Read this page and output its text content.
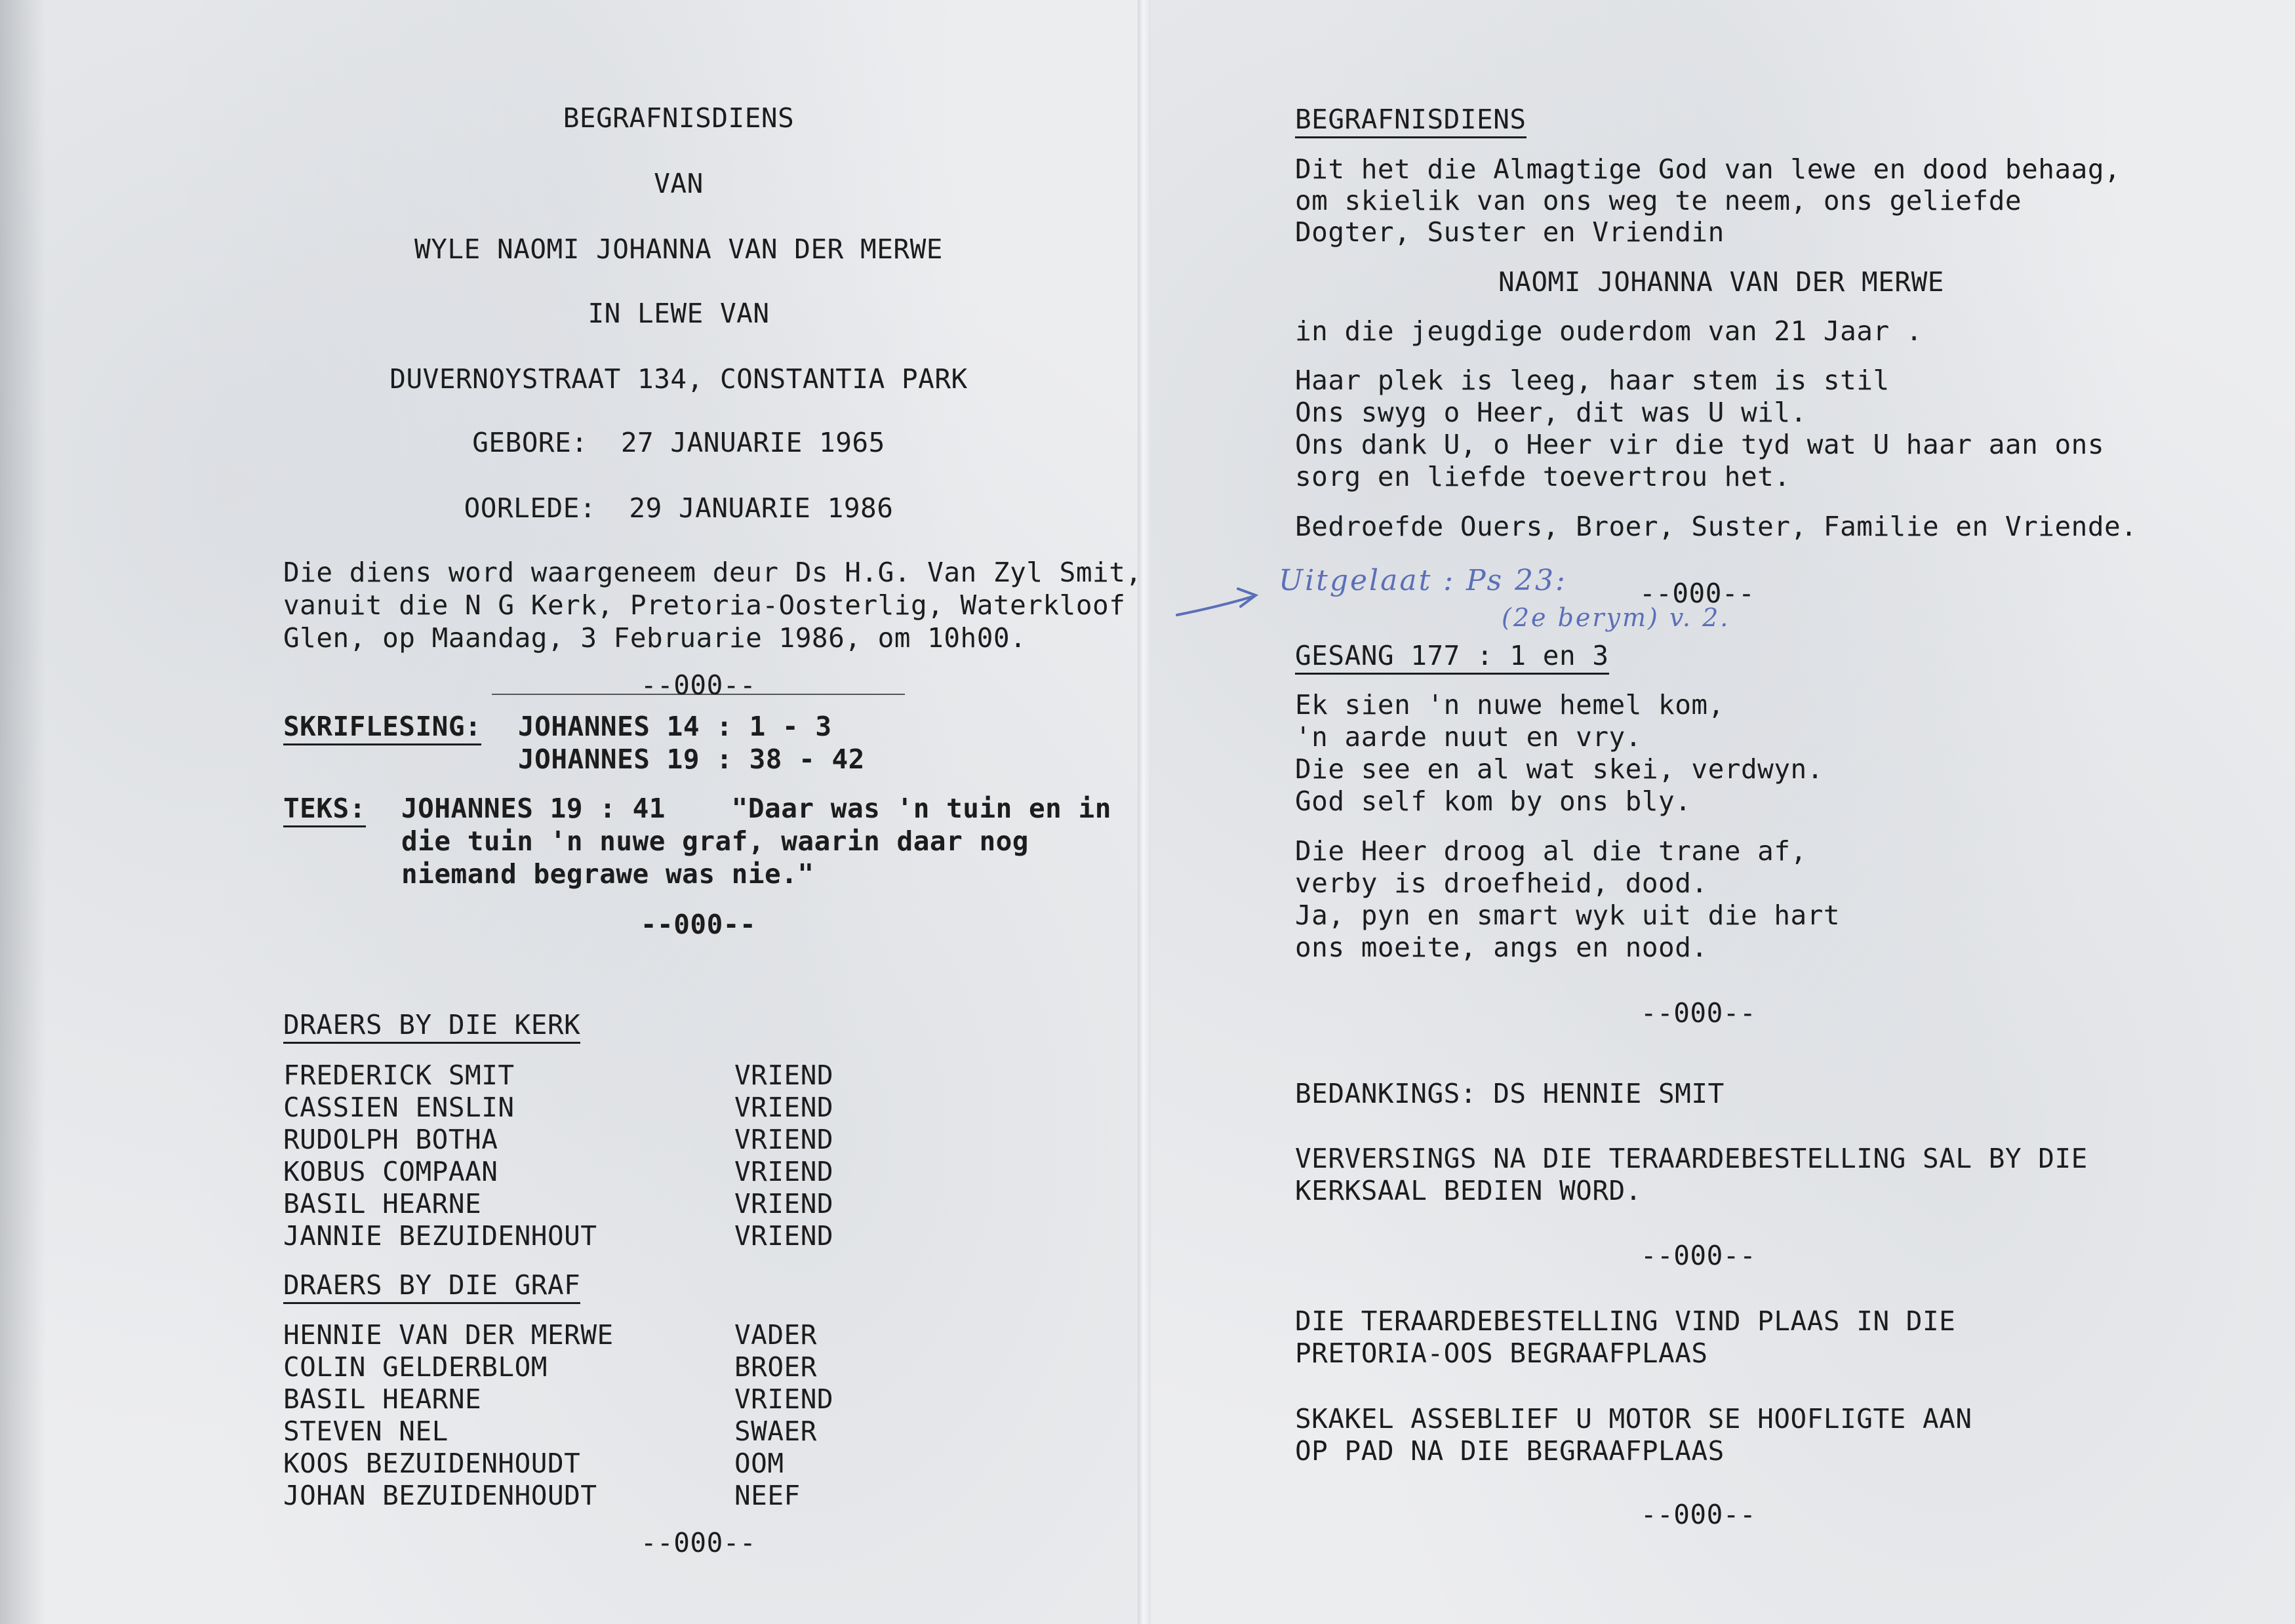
BEGRAFNISDIENS
VAN
WYLE NAOMI JOHANNA VAN DER MERWE
IN LEWE VAN
DUVERNOYSTRAAT 134, CONSTANTIA PARK
GEBORE:  27 JANUARIE 1965
OORLEDE:  29 JANUARIE 1986
Die diens word waargeneem deur Ds H.G. Van Zyl Smit,
vanuit die N G Kerk, Pretoria-Oosterlig, Waterkloof
Glen, op Maandag, 3 Februarie 1986, om 10h00.
--000--
SKRIFLESING: JOHANNES 14 : 1 - 3
JOHANNES 19 : 38 - 42
TEKS: JOHANNES 19 : 41    "Daar was 'n tuin en in
die tuin 'n nuwe graf, waarin daar nog
niemand begrawe was nie."
--000--
DRAERS BY DIE KERK
FREDERICK SMIT	VRIEND
CASSIEN ENSLIN	VRIEND
RUDOLPH BOTHA	VRIEND
KOBUS COMPAAN	VRIEND
BASIL HEARNE	VRIEND
JANNIE BEZUIDENHOUT	VRIEND
DRAERS BY DIE GRAF
HENNIE VAN DER MERWE	VADER
COLIN GELDERBLOM	BROER
BASIL HEARNE	VRIEND
STEVEN NEL	SWAER
KOOS BEZUIDENHOUDT	OOM
JOHAN BEZUIDENHOUDT	NEEF
--000--
BEGRAFNISDIENS
Dit het die Almagtige God van lewe en dood behaag,
om skielik van ons weg te neem, ons geliefde
Dogter, Suster en Vriendin
NAOMI JOHANNA VAN DER MERWE
in die jeugdige ouderdom van 21 Jaar .
Haar plek is leeg, haar stem is stil
Ons swyg o Heer, dit was U wil.
Ons dank U, o Heer vir die tyd wat U haar aan ons
sorg en liefde toevertrou het.
Bedroefde Ouers, Broer, Suster, Familie en Vriende.
Uitgelaat : Ps 23:
(2e berym) v. 2.
--000--
GESANG 177 : 1 en 3
Ek sien 'n nuwe hemel kom,
'n aarde nuut en vry.
Die see en al wat skei, verdwyn.
God self kom by ons bly.
Die Heer droog al die trane af,
verby is droefheid, dood.
Ja, pyn en smart wyk uit die hart
ons moeite, angs en nood.
--000--
BEDANKINGS: DS HENNIE SMIT
VERVERSINGS NA DIE TERAARDEBESTELLING SAL BY DIE
KERKSAAL BEDIEN WORD.
--000--
DIE TERAARDEBESTELLING VIND PLAAS IN DIE
PRETORIA-OOS BEGRAAFPLAAS
SKAKEL ASSEBLIEF U MOTOR SE HOOFLIGTE AAN
OP PAD NA DIE BEGRAAFPLAAS
--000--
